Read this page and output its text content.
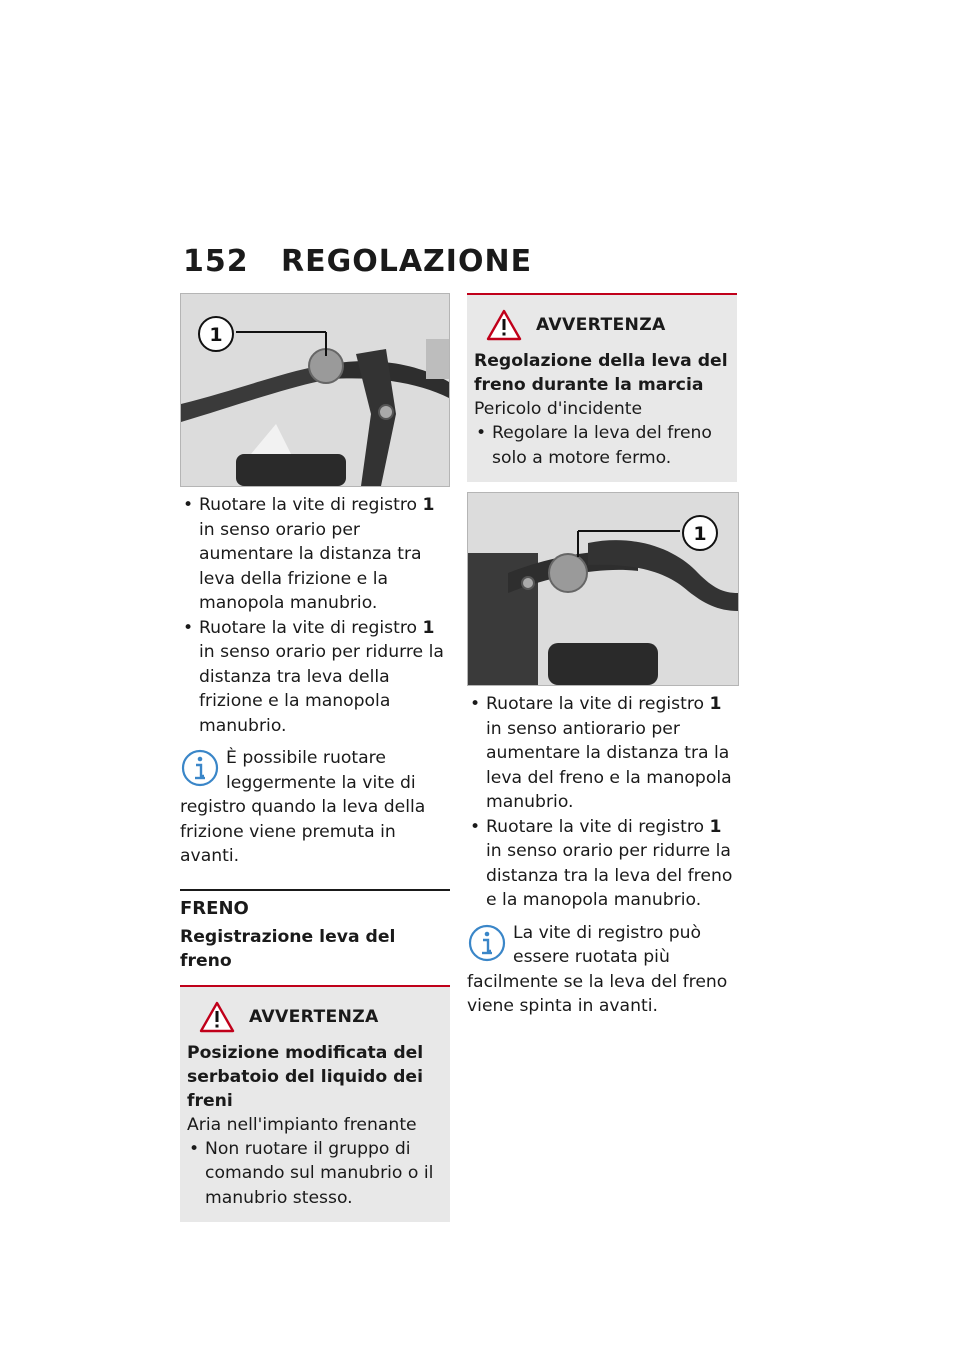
152 REGOLAZIONE
1
• Ruotare la vite di registro 1 in senso orario per aumentare la distanza tra leva della frizione e la manopola manubrio.
• Ruotare la vite di registro 1 in senso orario per ridurre la distanza tra leva della frizione e la manopola manubrio.
È possibile ruotare leggermente la vite di registro quando la leva della frizione viene premuta in avanti.
FRENO
Registrazione leva del freno
AVVERTENZA
Posizione modificata del serbatoio del liquido dei freni
Aria nell'impianto frenante
• Non ruotare il gruppo di comando sul manubrio o il manubrio stesso.
AVVERTENZA
Regolazione della leva del freno durante la marcia
Pericolo d'incidente
• Regolare la leva del freno solo a motore fermo.
1
• Ruotare la vite di registro 1 in senso antiorario per aumentare la distanza tra la leva del freno e la manopola manubrio.
• Ruotare la vite di registro 1 in senso orario per ridurre la distanza tra la leva del freno e la manopola manubrio.
La vite di registro può essere ruotata più facilmente se la leva del freno viene spinta in avanti.
